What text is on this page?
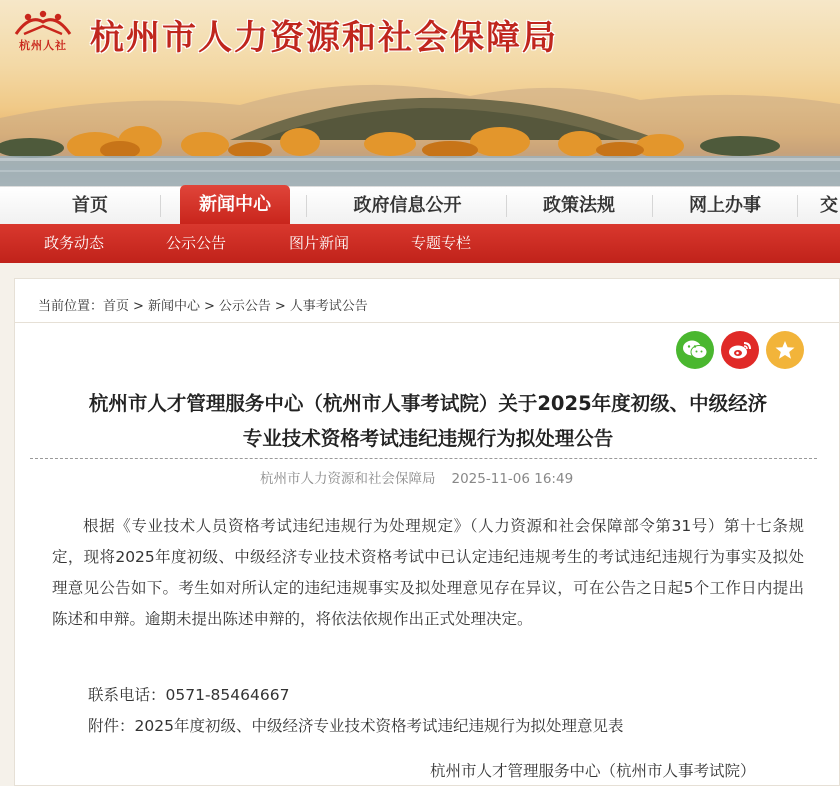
杭州人社 杭州市人力资源和社会保障局
首页	新闻中心	政府信息公开	政策法规	网上办事	交
政务动态	公示公告	图片新闻	专题专栏
当前位置：首页 > 新闻中心 > 公示公告 > 人事考试公告
杭州市人才管理服务中心（杭州市人事考试院）关于2025年度初级、中级经济
专业技术资格考试违纪违规行为拟处理公告
杭州市人力资源和社会保障局 2025-11-06 16:49
根据《专业技术人员资格考试违纪违规行为处理规定》（人力资源和社会保障部令第31号）第十七条规定，现将2025年度初级、中级经济专业技术资格考试中已认定违纪违规考生的考试违纪违规行为事实及拟处理意见公告如下。考生如对所认定的违纪违规事实及拟处理意见存在异议，可在公告之日起5个工作日内提出陈述和申辩。逾期未提出陈述申辩的，将依法依规作出正式处理决定。
联系电话：0571-85464667
附件：2025年度初级、中级经济专业技术资格考试违纪违规行为拟处理意见表
杭州市人才管理服务中心（杭州市人事考试院）
